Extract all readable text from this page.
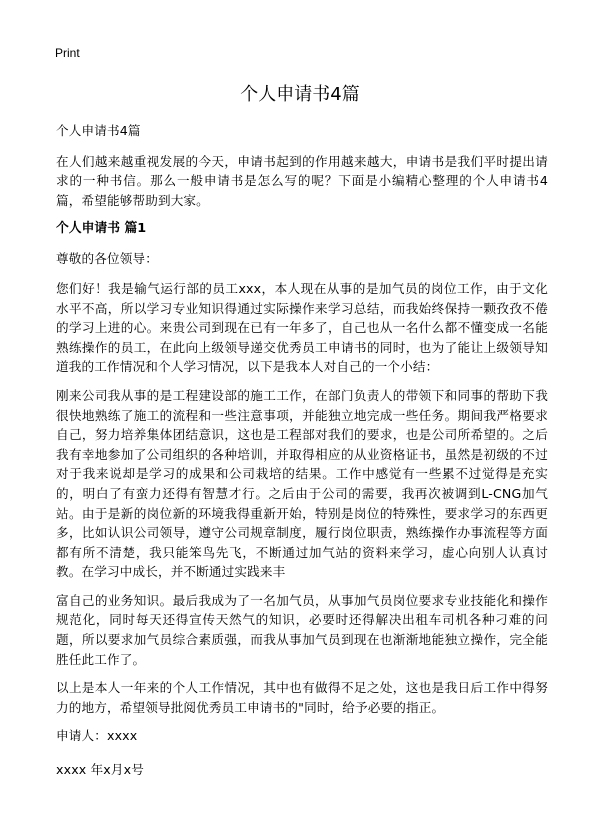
Print
个人申请书4篇

个人申请书4篇

在人们越来越重视发展的今天，申请书起到的作用越来越大，申请书是我们平时提出请求的一种书信。那么一般申请书是怎么写的呢？下面是小编精心整理的个人申请书4篇，希望能够帮助到大家。

个人申请书 篇1

尊敬的各位领导：

您们好！我是输气运行部的员工xxx，本人现在从事的是加气员的岗位工作，由于文化水平不高，所以学习专业知识得通过实际操作来学习总结，而我始终保持一颗孜孜不倦的学习上进的心。来贵公司到现在已有一年多了，自己也从一名什么都不懂变成一名能熟练操作的员工，在此向上级领导递交优秀员工申请书的同时，也为了能让上级领导知道我的工作情况和个人学习情况，以下是我本人对自己的一个小结：

刚来公司我从事的是工程建设部的施工工作，在部门负责人的带领下和同事的帮助下我很快地熟练了施工的流程和一些注意事项，并能独立地完成一些任务。期间我严格要求自己，努力培养集体团结意识，这也是工程部对我们的要求，也是公司所希望的。之后我有幸地参加了公司组织的各种培训，并取得相应的从业资格证书，虽然是初级的不过对于我来说却是学习的成果和公司栽培的结果。工作中感觉有一些累不过觉得是充实的，明白了有蛮力还得有智慧才行。之后由于公司的需要，我再次被调到L-CNG加气站。由于是新的岗位新的环境我得重新开始，特别是岗位的特殊性，要求学习的东西更多，比如认识公司领导，遵守公司规章制度，履行岗位职责，熟练操作办事流程等方面都有所不清楚，我只能笨鸟先飞，不断通过加气站的资料来学习，虚心向别人认真讨教。在学习中成长，并不断通过实践来丰

富自己的业务知识。最后我成为了一名加气员，从事加气员岗位要求专业技能化和操作规范化，同时每天还得宣传天然气的知识，必要时还得解决出租车司机各种刁难的问题，所以要求加气员综合素质强，而我从事加气员到现在也渐渐地能独立操作，完全能胜任此工作了。

以上是本人一年来的个人工作情况，其中也有做得不足之处，这也是我日后工作中得努力的地方，希望领导批阅优秀员工申请书的"同时，给予必要的指正。

申请人：xxxx

xxxx 年x月x号
